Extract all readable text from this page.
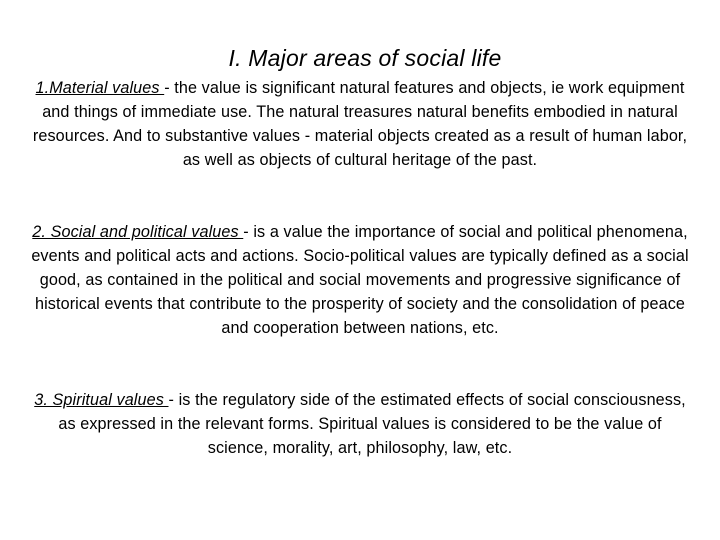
I. Major areas of social life
1.Material values - the value is significant natural features and objects, ie work equipment and things of immediate use. The natural treasures natural benefits embodied in natural resources. And to substantive values - material objects created as a result of human labor, as well as objects of cultural heritage of the past.
2. Social and political values - is a value the importance of social and political phenomena, events and political acts and actions. Socio-political values are typically defined as a social good, as contained in the political and social movements and progressive significance of historical events that contribute to the prosperity of society and the consolidation of peace and cooperation between nations, etc.
3. Spiritual values - is the regulatory side of the estimated effects of social consciousness, as expressed in the relevant forms. Spiritual values is considered to be the value of science, morality, art, philosophy, law, etc.
